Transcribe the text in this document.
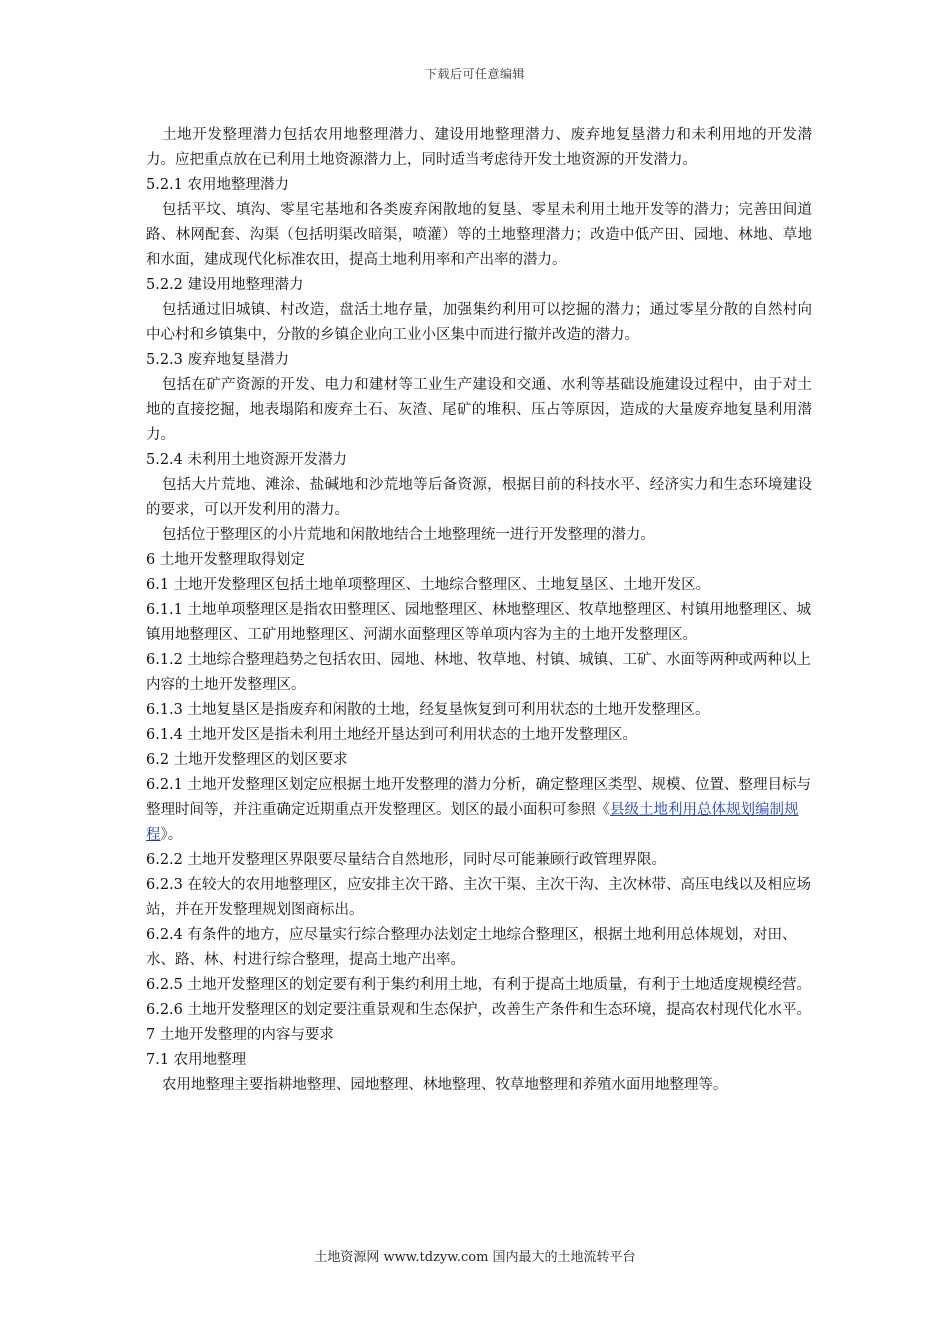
下载后可任意编辑

土地开发整理潜力包括农用地整理潜力、建设用地整理潜力、废弃地复垦潜力和未利用地的开发潜力。应把重点放在已利用土地资源潜力上，同时适当考虑待开发土地资源的开发潜力。

5.2.1 农用地整理潜力

包括平坟、填沟、零星宅基地和各类废弃闲散地的复垦、零星未利用土地开发等的潜力；完善田间道路、林网配套、沟渠（包括明渠改暗渠，喷灌）等的土地整理潜力；改造中低产田、园地、林地、草地和水面，建成现代化标准农田，提高土地利用率和产出率的潜力。

5.2.2 建设用地整理潜力

包括通过旧城镇、村改造，盘活土地存量，加强集约利用可以挖掘的潜力；通过零星分散的自然村向中心村和乡镇集中，分散的乡镇企业向工业小区集中而进行撤并改造的潜力。

5.2.3 废弃地复垦潜力

包括在矿产资源的开发、电力和建材等工业生产建设和交通、水利等基础设施建设过程中，由于对土地的直接挖掘，地表塌陷和废弃土石、灰渣、尾矿的堆积、压占等原因，造成的大量废弃地复垦利用潜力。

5.2.4 未利用土地资源开发潜力

包括大片荒地、滩涂、盐碱地和沙荒地等后备资源，根据目前的科技水平、经济实力和生态环境建设的要求，可以开发利用的潜力。

包括位于整理区的小片荒地和闲散地结合土地整理统一进行开发整理的潜力。

6 土地开发整理取得划定

6.1 土地开发整理区包括土地单项整理区、土地综合整理区、土地复垦区、土地开发区。

6.1.1 土地单项整理区是指农田整理区、园地整理区、林地整理区、牧草地整理区、村镇用地整理区、城镇用地整理区、工矿用地整理区、河湖水面整理区等单项内容为主的土地开发整理区。

6.1.2 土地综合整理趋势之包括农田、园地、林地、牧草地、村镇、城镇、工矿、水面等两种或两种以上内容的土地开发整理区。

6.1.3 土地复垦区是指废弃和闲散的土地，经复垦恢复到可利用状态的土地开发整理区。

6.1.4 土地开发区是指未利用土地经开垦达到可利用状态的土地开发整理区。

6.2 土地开发整理区的划区要求

6.2.1 土地开发整理区划定应根据土地开发整理的潜力分析，确定整理区类型、规模、位置、整理目标与整理时间等，并注重确定近期重点开发整理区。划区的最小面积可参照《县级土地利用总体规划编制规程》。

6.2.2 土地开发整理区界限要尽量结合自然地形，同时尽可能兼顾行政管理界限。

6.2.3 在较大的农用地整理区，应安排主次干路、主次干渠、主次干沟、主次林带、高压电线以及相应场站，并在开发整理规划图商标出。

6.2.4 有条件的地方，应尽量实行综合整理办法划定土地综合整理区，根据土地利用总体规划，对田、水、路、林、村进行综合整理，提高土地产出率。

6.2.5 土地开发整理区的划定要有利于集约利用土地，有利于提高土地质量，有利于土地适度规模经营。

6.2.6 土地开发整理区的划定要注重景观和生态保护，改善生产条件和生态环境，提高农村现代化水平。

7 土地开发整理的内容与要求

7.1 农用地整理

农用地整理主要指耕地整理、园地整理、林地整理、牧草地整理和养殖水面用地整理等。

土地资源网 www.tdzyw.com 国内最大的土地流转平台
